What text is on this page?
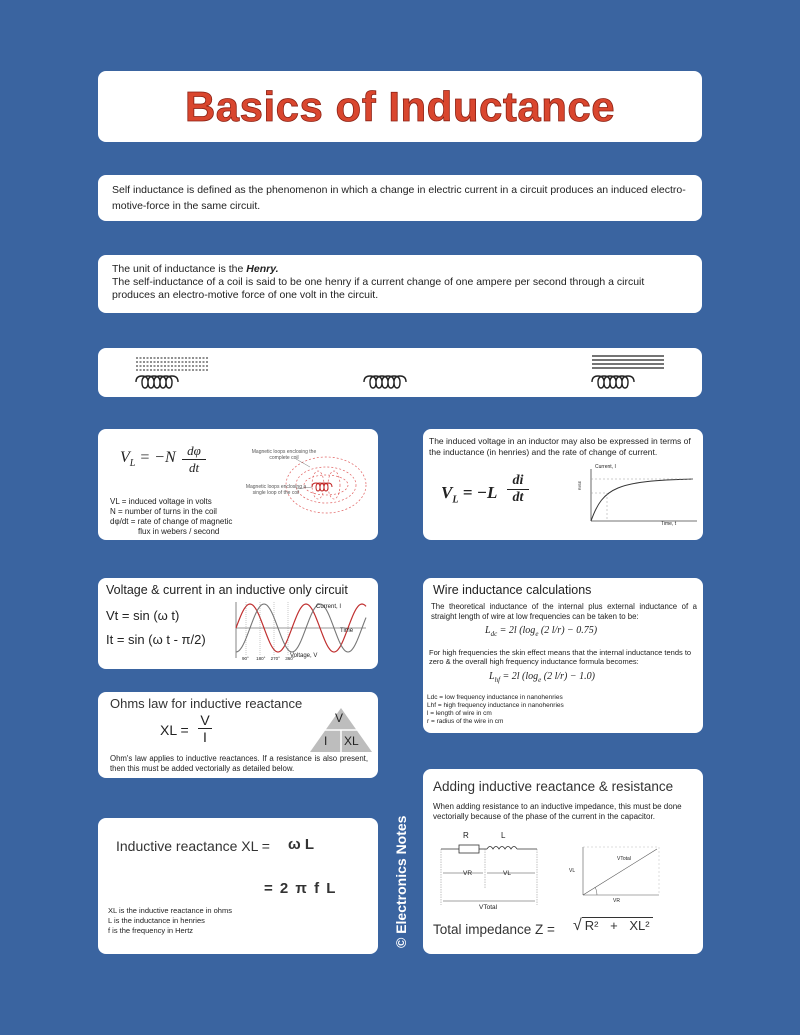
Basics of Inductance
Self inductance is defined as the phenomenon in which a change in electric current in a circuit produces an induced electro-motive-force in the same circuit.
The unit of inductance is the Henry.
The self-inductance of a coil is said to be one henry if a current change of one ampere per second through a circuit produces an electro-motive force of one volt in the circuit.
$V_L = -N \frac{d\varphi}{dt}$	Magnetic loops enclosing the complete coil
Magnetic loops enclosing a single loop of the coil
VL = induced voltage in volts
N = number of turns in the coil
dφ/dt = rate of change of magnetic
flux in webers / second
The induced voltage in an inductor may also be expressed in terms of the inductance (in henries) and the rate of change of current.
$V_L = -L \frac{di}{dt}$
Current, I
Time, t
RISE
Voltage & current in an inductive only circuit
Vt = sin (ω t)
It = sin (ω t - π/2)
Current, I
Time
Voltage, V
90° 180° 270° 360°
Wire inductance calculations
The theoretical inductance of the internal plus external inductance of a straight length of wire at low frequencies can be taken to be:
$L_{dc} = 2l$ ($\log_e$ (2 l/r) − 0.75)
For high frequencies the skin effect means that the internal inductance tends to zero & the overall high frequency inductance formula becomes:
$L_{hf} = 2l$ ($\log_e$ (2 l/r) − 1.0)
Ldc = low frequency inductance in nanohenries
Lhf = high frequency inductance in nanohenries
l = length of wire in cm
r = radius of the wire in cm
Ohms law for inductive reactance
XL = $\frac{V}{I}$	V
I XL
Ohm's law applies to inductive reactances. If a resistance is also present, then this must be added vectorially as detailed below.
Inductive reactance XL = ω L
= 2 π f L
XL is the inductive reactance in ohms
L is the inductance in henries
f is the frequency in Hertz
Adding inductive reactance & resistance
When adding resistance to an inductive impedance, this must be done vectorially because of the phase of the current in the capacitor.
R	L
VR	VL
VTotal
VTotal
VL
VR
Total impedance Z = √ R² + XL²
© Electronics Notes
